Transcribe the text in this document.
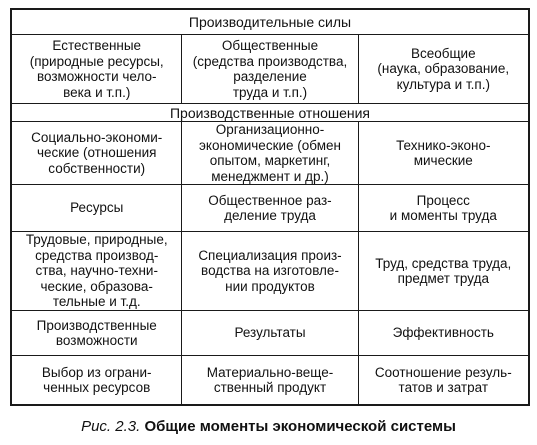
Производительные силы		
Естественные
(природные ресурсы,
возможности чело-
века и т.п.)	Общественные
(средства производства,
разделение
труда и т.п.)	Всеобщие
(наука, образование,
культура и т.п.)
Производственные отношения		
Социально-экономи-
ческие (отношения
собственности)	Организационно-
экономические (обмен
опытом, маркетинг,
менеджмент и др.)	Технико-эконо-
мические
Ресурсы	Общественное раз-
деление труда	Процесс
и моменты труда
Трудовые, природные,
средства производ-
ства, научно-техни-
ческие, образова-
тельные и т.д.	Специализация произ-
водства на изготовле-
нии продуктов	Труд, средства труда,
предмет труда
Производственные
возможности	Результаты	Эффективность
Выбор из ограни-
ченных ресурсов	Материально-веще-
ственный продукт	Соотношение резуль-
татов и затрат
Рис. 2.3. Общие моменты экономической системы
